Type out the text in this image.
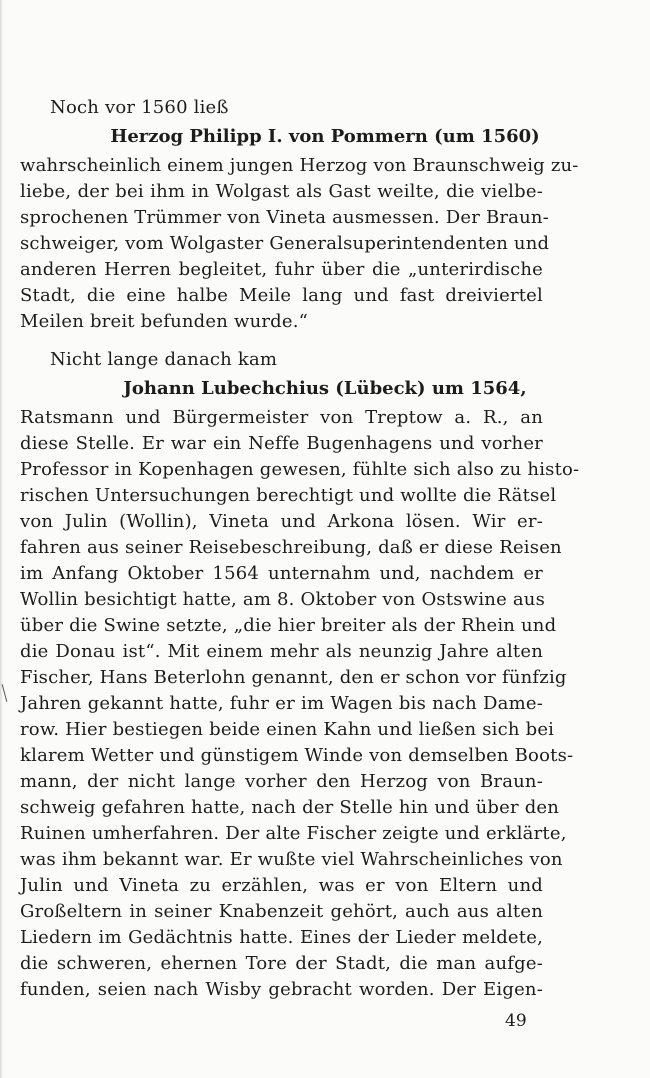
Noch vor 1560 ließ
Herzog Philipp I. von Pommern (um 1560)
wahrscheinlich einem jungen Herzog von Braunschweig zu-
liebe, der bei ihm in Wolgast als Gast weilte, die vielbe-
sprochenen Trümmer von Vineta ausmessen. Der Braun-
schweiger, vom Wolgaster Generalsuperintendenten und
anderen Herren begleitet, fuhr über die „unterirdische
Stadt, die eine halbe Meile lang und fast dreiviertel
Meilen breit befunden wurde.“
Nicht lange danach kam
Johann Lubechchius (Lübeck) um 1564,
Ratsmann und Bürgermeister von Treptow a. R., an
diese Stelle. Er war ein Neffe Bugenhagens und vorher
Professor in Kopenhagen gewesen, fühlte sich also zu histo-
rischen Untersuchungen berechtigt und wollte die Rätsel
von Julin (Wollin), Vineta und Arkona lösen. Wir er-
fahren aus seiner Reisebeschreibung, daß er diese Reisen
im Anfang Oktober 1564 unternahm und, nachdem er
Wollin besichtigt hatte, am 8. Oktober von Ostswine aus
über die Swine setzte, „die hier breiter als der Rhein und
die Donau ist“. Mit einem mehr als neunzig Jahre alten
Fischer, Hans Beterlohn genannt, den er schon vor fünfzig
Jahren gekannt hatte, fuhr er im Wagen bis nach Dame-
row. Hier bestiegen beide einen Kahn und ließen sich bei
klarem Wetter und günstigem Winde von demselben Boots-
mann, der nicht lange vorher den Herzog von Braun-
schweig gefahren hatte, nach der Stelle hin und über den
Ruinen umherfahren. Der alte Fischer zeigte und erklärte,
was ihm bekannt war. Er wußte viel Wahrscheinliches von
Julin und Vineta zu erzählen, was er von Eltern und
Großeltern in seiner Knabenzeit gehört, auch aus alten
Liedern im Gedächtnis hatte. Eines der Lieder meldete,
die schweren, ehernen Tore der Stadt, die man aufge-
funden, seien nach Wisby gebracht worden. Der Eigen-
49
